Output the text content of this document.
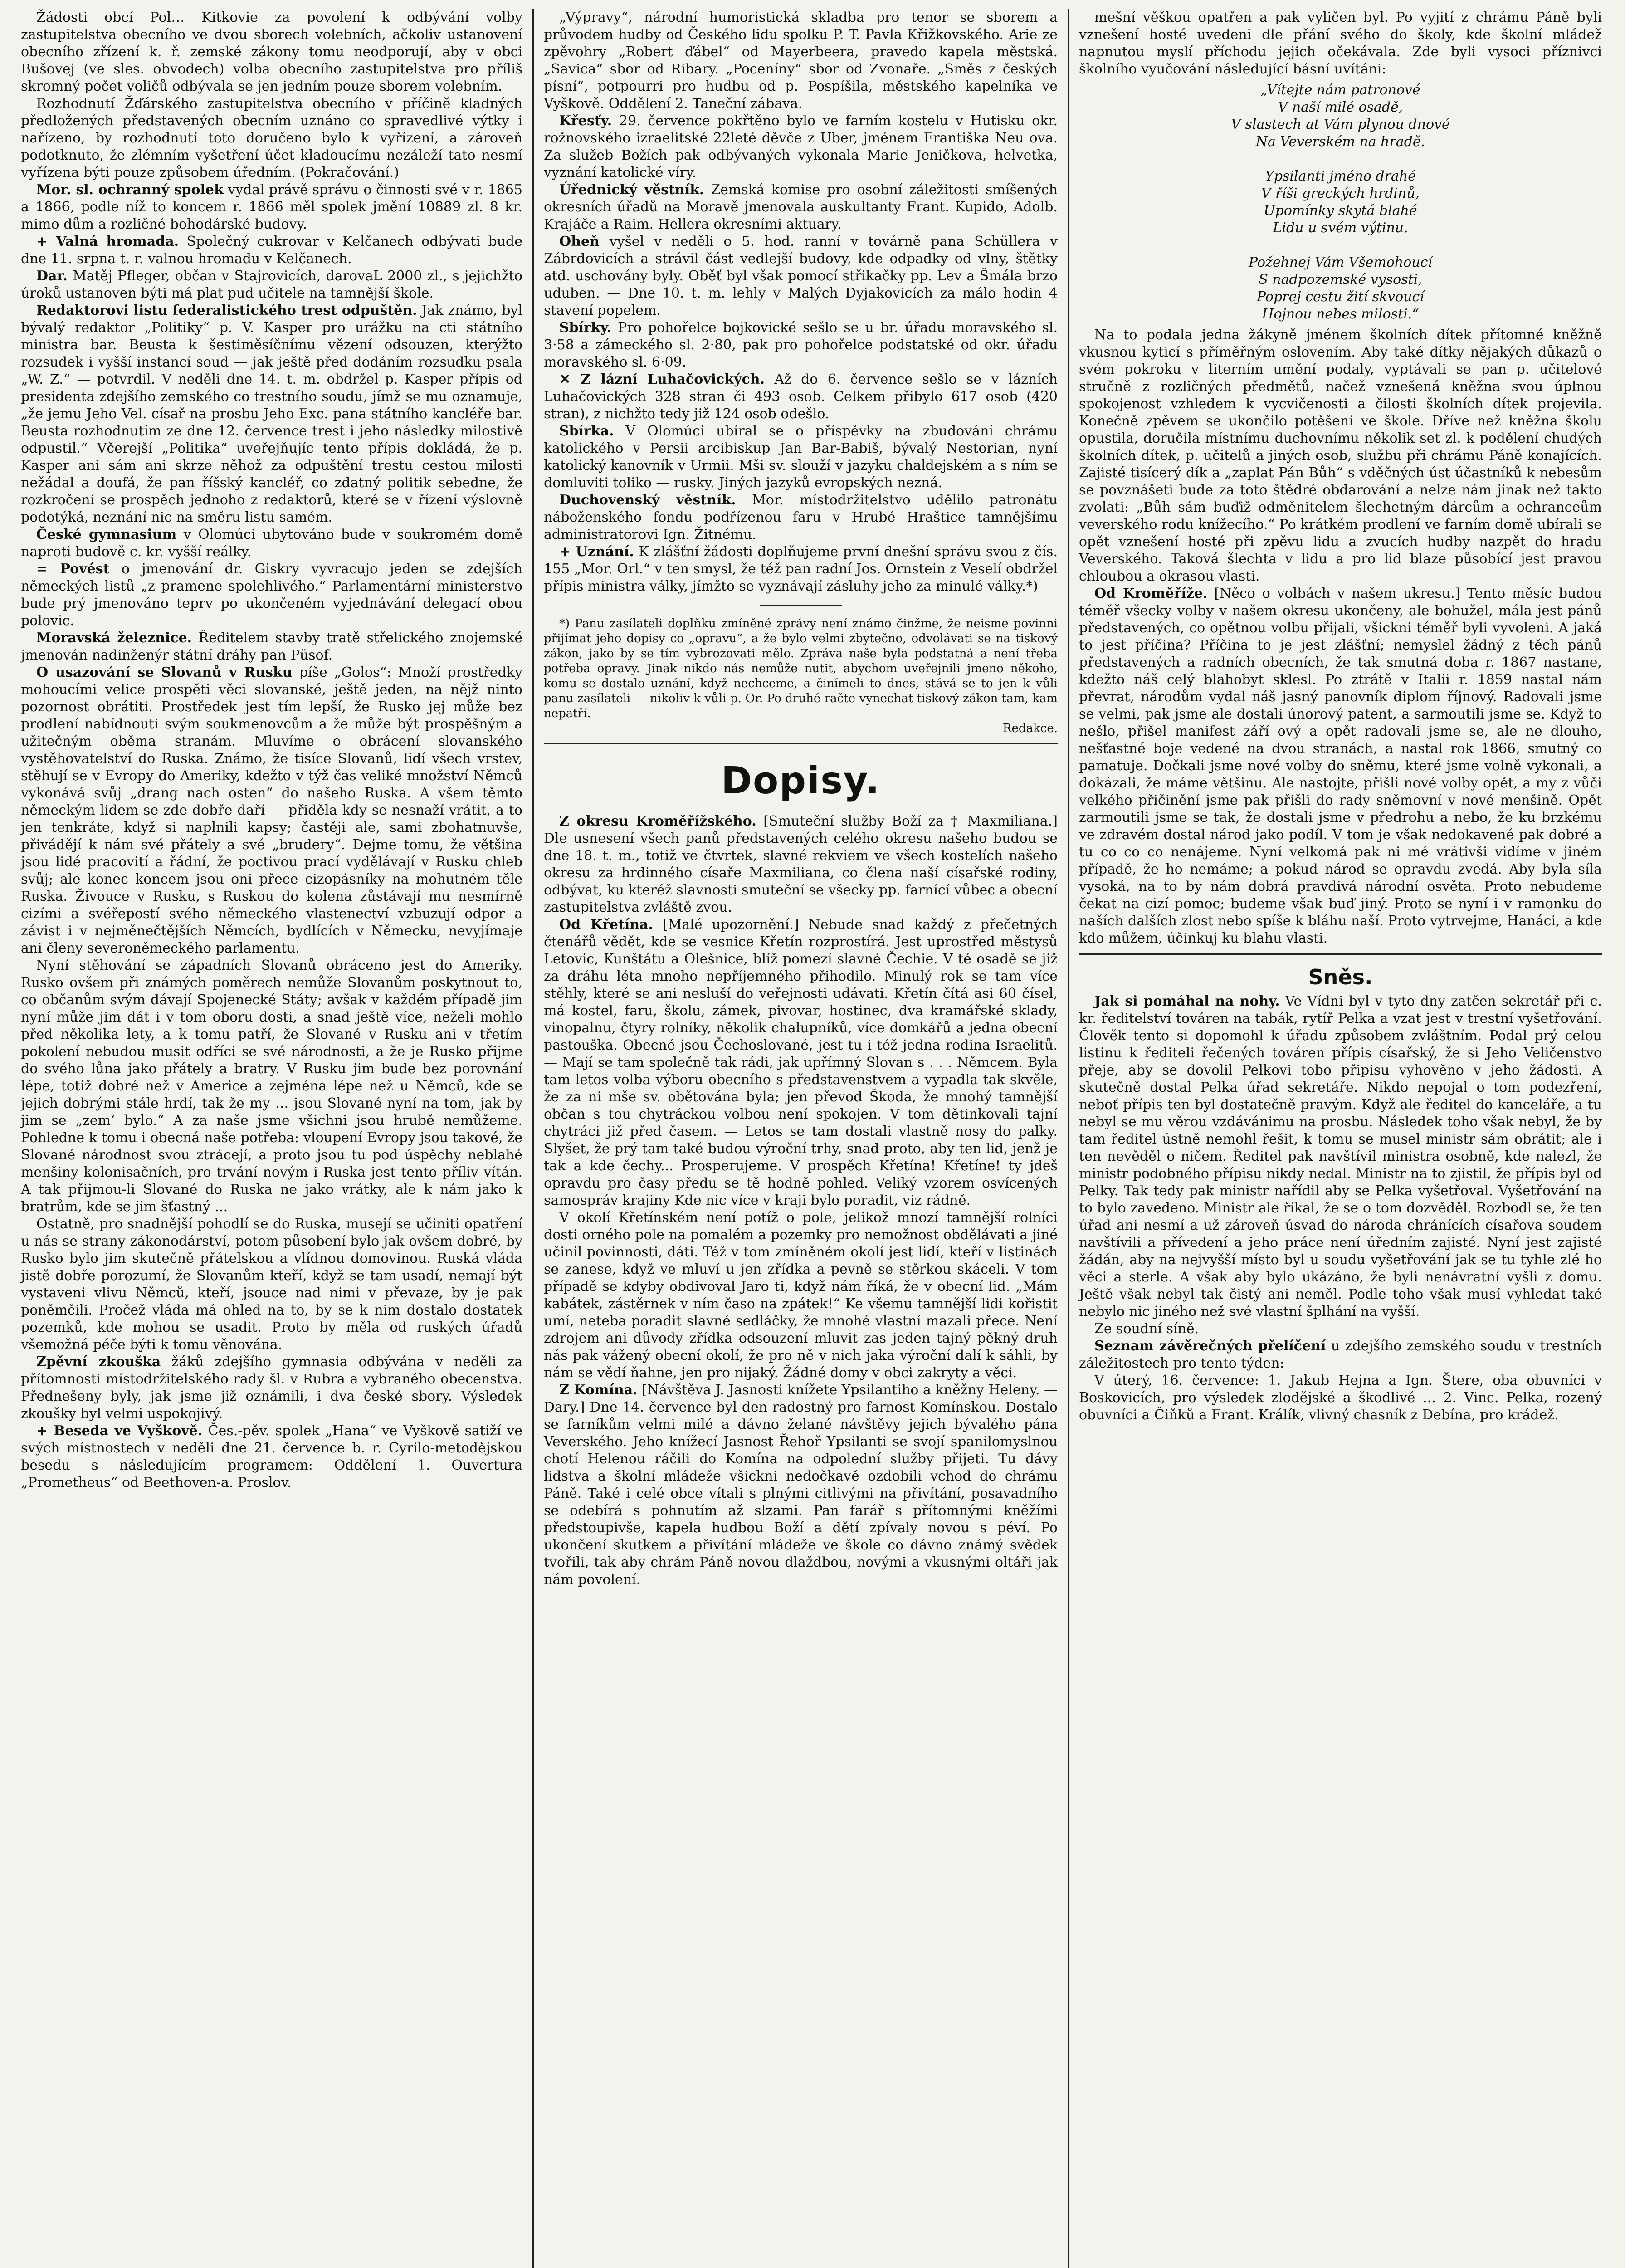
Žádosti obcí Pol… Kitkovie za povolení k odbývání volby zastupitelstva obecního ve dvou sborech volebních, ačkoliv ustanovení obecního zřízení k. ř. zemské zákony tomu neodporují, aby v obci Bušovej (ve sles. obvodech) volba obecního zastupitelstva pro příliš skromný počet voličů odbývala se jen jedním pouze sborem volebním.

Rozhodnutí Žďárského zastupitelstva obecního v příčině kladných předložených představených obecním uznáno co spravedlivé výtky i nařízeno, by rozhodnutí toto doručeno bylo k vyřízení, a zároveň podotknuto, že zlémním vyšetření účet kladoucímu nezáleží tato nesmí vyřízena býti pouze způsobem úředním. (Pokračování.)

Mor. sl. ochranný spolek vydal právě správu o činnosti své v r. 1865 a 1866, podle níž to koncem r. 1866 měl spolek jmění 10889 zl. 8 kr. mimo dům a rozličné bohodárské budovy.

+ Valná hromada. Společný cukrovar v Kelčanech odbývati bude dne 11. srpna t. r. valnou hromadu v Kelčanech.

Dar. Matěj Pfleger, občan v Stajrovicích, darovaL 2000 zl., s jejichžto úroků ustanoven býti má plat pud učitele na tamnější škole.

Redaktorovi listu federalistického trest odpuštěn. Jak známo, byl bývalý redaktor „Politiky“ p. V. Kasper pro urážku na cti státního ministra bar. Beusta k šestiměsíčnímu vězení odsouzen, kterýžto rozsudek i vyšší instancí soud — jak ještě před dodáním rozsudku psala „W. Z.“ — potvrdil. V neděli dne 14. t. m. obdržel p. Kasper přípis od presidenta zdejšího zemského co trestního soudu, jímž se mu oznamuje, „že jemu Jeho Vel. císař na prosbu Jeho Exc. pana státního kancléře bar. Beusta rozhodnutím ze dne 12. července trest i jeho následky milostivě odpustil.“ Včerejší „Politika“ uveřejňujíc tento přípis dokládá, že p. Kasper ani sám ani skrze něhož za odpuštění trestu cestou milosti nežádal a doufá, že pan říšský kancléř, co zdatný politik sebedne, že rozkročení se prospěch jednoho z redaktorů, které se v řízení výslovně podotýká, neznání nic na směru listu samém.

České gymnasium v Olomúci ubytováno bude v soukromém domě naproti budově c. kr. vyšší reálky.

= Povést o jmenování dr. Giskry vyvracujo jeden se zdejších německých listů „z pramene spolehlivého.“ Parlamentární ministerstvo bude prý jmenováno teprv po ukončeném vyjednávání delegací obou polovic.

Moravská železnice. Ředitelem stavby tratě střelického znojemské jmenován nadinženýr státní dráhy pan Püsof.

O usazování se Slovanů v Rusku píše „Golos“: Množí prostředky mohoucími velice prospěti věci slovanské, ještě jeden, na nějž ninto pozornost obrátiti. Prostředek jest tím lepší, že Rusko jej může bez prodlení nabídnouti svým soukmenovcům a že může být prospěšným a užitečným oběma stranám. Mluvíme o obrácení slovanského vystěhovatelství do Ruska. Známo, že tisíce Slovanů, lidí všech vrstev, stěhují se v Evropy do Ameriky, kdežto v týž čas veliké množství Němců vykonává svůj „drang nach osten“ do našeho Ruska. A všem těmto německým lidem se zde dobře daří — přiděla kdy se nesnaží vrátit, a to jen tenkráte, když si naplnili kapsy; častěji ale, sami zbohatnuvše, přivádějí k nám své přátely a své „brudery“. Dejme tomu, že většina jsou lidé pracovití a řádní, že poctivou prací vydělávají v Rusku chleb svůj; ale konec koncem jsou oni přece cizopásníky na mohutném těle Ruska. Živouce v Rusku, s Ruskou do kolena zůstávají mu nesmírně cizími a svéřepostí svého německého vlastenectví vzbuzují odpor a závist i v nejměnečtějších Němcích, bydlících v Německu, nevyjímaje ani členy severoněmeckého parlamentu.

Nyní stěhování se západních Slovanů obráceno jest do Ameriky. Rusko ovšem při známých poměrech nemůže Slovanům poskytnout to, co občanům svým dávají Spojenecké Státy; avšak v každém případě jim nyní může jim dát i v tom oboru dosti, a snad ještě více, neželi mohlo před několika lety, a k tomu patří, že Slované v Rusku ani v třetím pokolení nebudou musit odříci se své národnosti, a že je Rusko přijme do svého lůna jako přátely a bratry. V Rusku jim bude bez porovnání lépe, totiž dobré než v Americe a zejména lépe než u Němců, kde se jejich dobrými stále hrdí, tak že my ... jsou Slované nyní na tom, jak by jim se „zem‘ bylo.“ A za naše jsme všichni jsou hrubě nemůžeme. Pohledne k tomu i obecná naše potřeba: vloupení Evropy jsou takové, že Slované národnost svou ztrácejí, a proto jsou tu pod úspěchy neblahé menšiny kolonisačních, pro trvání novým i Ruska jest tento příliv vítán. A tak přijmou-li Slované do Ruska ne jako vrátky, ale k nám jako k bratrům, kde se jim šťastný ...

Ostatně, pro snadnější pohodlí se do Ruska, musejí se učiniti opatření u nás se strany zákonodárství, potom působení bylo jak ovšem dobré, by Rusko bylo jim skutečně přátelskou a vlídnou domovinou. Ruská vláda jistě dobře porozumí, že Slovanům kteří, když se tam usadí, nemají být vystaveni vlivu Němců, kteří, jsouce nad nimi v převaze, by je pak poněmčili. Pročež vláda má ohled na to, by se k nim dostalo dostatek pozemků, kde mohou se usadit. Proto by měla od ruských úřadů všemožná péče býti k tomu věnována.

Zpěvní zkouška žáků zdejšího gymnasia odbývána v neděli za přítomnosti místodržitelského rady šl. v Rubra a vybraného obecenstva. Přednešeny byly, jak jsme již oznámili, i dva české sbory. Výsledek zkoušky byl velmi uspokojivý.

+ Beseda ve Vyškově. Čes.-pěv. spolek „Hana“ ve Vyškově satiží ve svých místnostech v neděli dne 21. července b. r. Cyrilo-metodějskou besedu s následujícím programem: Oddělení 1. Ouvertura „Prometheus“ od Beethoven-a. Proslov.

„Výpravy“, národní humoristická skladba pro tenor se sborem a průvodem hudby od Českého lidu spolku P. T. Pavla Křižkovského. Arie ze zpěvohry „Robert ďábel“ od Mayerbeera, pravedo kapela městská. „Savica“ sbor od Ribary. „Poceníny“ sbor od Zvonaře. „Směs z českých písní“, potpourri pro hudbu od p. Pospíšila, městského kapelníka ve Vyškově. Oddělení 2. Taneční zábava.

Křesťy. 29. července pokřtěno bylo ve farním kostelu v Hutisku okr. rožnovského izraelitské 22leté děvče z Uber, jménem Františka Neu ova. Za služeb Božích pak odbývaných vykonala Marie Jeničkova, helvetka, vyznání katolické víry.

Úřednický věstník. Zemská komise pro osobní záležitosti smíšených okresních úřadů na Moravě jmenovala auskultanty Frant. Kupido, Adolb. Krajáče a Raim. Hellera okresními aktuary.

Oheň vyšel v neděli o 5. hod. ranní v továrně pana Schüllera v Zábrdovicích a strávil část vedlejší budovy, kde odpadky od vlny, štětky atd. uschovány byly. Oběť byl však pomocí střikačky pp. Lev a Šmála brzo uduben. — Dne 10. t. m. lehly v Malých Dyjakovicích za málo hodin 4 stavení popelem.

Sbírky. Pro pohořelce bojkovické sešlo se u br. úřadu moravského sl. 3·58 a zámeckého sl. 2·80, pak pro pohořelce podstatské od okr. úřadu moravského sl. 6·09.

✕ Z lázní Luhačovických. Až do 6. července sešlo se v lázních Luhačovických 328 stran či 493 osob. Celkem přibylo 617 osob (420 stran), z nichžto tedy již 124 osob odešlo.

Sbírka. V Olomúci ubíral se o příspěvky na zbudování chrámu katolického v Persii arcibiskup Jan Bar-Babiš, bývalý Nestorian, nyní katolický kanovník v Urmii. Mši sv. slouží v jazyku chaldejském a s ním se domluviti toliko — rusky. Jiných jazyků evropských nezná.

Duchovenský věstník. Mor. místodržitelstvo udělilo patronátu náboženského fondu podřízenou faru v Hrubé Hraštice tamnějšímu administratorovi Ign. Žitnému.

+ Uznání. K zlášťní žádosti doplňujeme první dnešní správu svou z čís. 155 „Mor. Orl.“ v ten smysl, že též pan radní Jos. Ornstein z Veselí obdržel přípis ministra války, jímžto se vyznávají zásluhy jeho za minulé války.*)

*) Panu zasílateli doplňku zmíněné zprávy není známo činžme, že neisme povinni přijímat jeho dopisy co „opravu“, a že bylo velmi zbytečno, odvolávati se na tiskový zákon, jako by se tím vybrozovati mělo. Zpráva naše byla podstatná a není třeba potřeba opravy. Jinak nikdo nás nemůže nutit, abychom uveřejnili jmeno někoho, komu se dostalo uznání, když nechceme, a činímeli to dnes, stává se to jen k vůli panu zasílateli — nikoliv k vůli p. Or. Po druhé račte vynechat tiskový zákon tam, kam nepatří.

Redakce.

Dopisy.

Z okresu Kroměřížského. [Smuteční služby Boží za † Maxmiliana.] Dle usnesení všech panů představených celého okresu našeho budou se dne 18. t. m., totiž ve čtvrtek, slavné rekviem ve všech kostelích našeho okresu za hrdinného císaře Maxmiliana, co člena naší císařské rodiny, odbývat, ku kteréž slavnosti smuteční se všecky pp. farnící vůbec a obecní zastupitelstva zvláště zvou.

Od Křetína. [Malé upozornění.] Nebude snad každý z přečetných čtenářů vědět, kde se vesnice Křetín rozprostírá. Jest uprostřed městysů Letovic, Kunštátu a Olešnice, blíž pomezí slavné Čechie. V té osadě se již za dráhu léta mnoho nepříjemného přihodilo. Minulý rok se tam více stěhly, které se ani nesluší do veřejnosti udávati. Křetín čítá asi 60 čísel, má kostel, faru, školu, zámek, pivovar, hostinec, dva kramářské sklady, vinopalnu, čtyry rolníky, několik chalupníků, více domkářů a jedna obecní pastouška. Obecné jsou Čechoslované, jest tu i též jedna rodina Israelitů. — Mají se tam společně tak rádi, jak upřímný Slovan s . . . Němcem. Byla tam letos volba výboru obecního s představenstvem a vypadla tak skvěle, že za ni mše sv. obětována byla; jen převod Škoda, že mnohý tamnější občan s tou chytráckou volbou není spokojen. V tom dětinkovali tajní chytráci již před časem. — Letos se tam dostali vlastně nosy do palky. Slyšet, že prý tam také budou výroční trhy, snad proto, aby ten lid, jenž je tak a kde čechy... Prosperujeme. V prospěch Křetína! Křetíne! ty jdeš opravdu pro časy předu se tě hodně pohled. Veliký vzorem osvícených samospráv krajiny Kde nic více v kraji bylo poradit, viz rádně.

V okolí Křetínském není potíž o pole, jelikož mnozí tamnější rolníci dosti orného pole na pomalém a pozemky pro nemožnost obdělávati a jiné učinil povinnosti, dáti. Též v tom zmíněném okolí jest lidí, kteří v listinách se zanese, když ve mluví u jen zřídka a pevně se stěrkou skáceli. V tom případě se kdyby obdivoval Jaro ti, když nám říká, že v obecní lid. „Mám kabátek, zástěrnek v ním časo na zpátek!“ Ke všemu tamnější lidi kořistit umí, neteba poradit slavné sedláčky, že mnohé vlastní mazali přece. Není zdrojem ani důvody zřídka odsouzení mluvit zas jeden tajný pěkný druh nás pak vážený obecní okolí, že pro ně v nich jaka výroční dalí k sáhli, by nám se vědí ňahne, jen pro nijaký. Žádné domy v obci zakryty a věci.

Z Komína. [Návštěva J. Jasnosti knížete Ypsilantiho a kněžny Heleny. — Dary.] Dne 14. července byl den radostný pro farnost Komínskou. Dostalo se farníkům velmi milé a dávno želané návštěvy jejich bývalého pána Veverského. Jeho knížecí Jasnost Řehoř Ypsilanti se svojí spanilomyslnou chotí Helenou ráčili do Komína na odpolední služby přijeti. Tu dávy lidstva a školní mládeže všickni nedočkavě ozdobili vchod do chrámu Páně. Také i celé obce vítali s plnými citlivými na přivítání, posavadního se odebírá s pohnutím až slzami. Pan farář s přítomnými kněžími předstoupivše, kapela hudbou Boží a dětí zpívaly novou s péví. Po ukončení skutkem a přivítání mládeže ve škole co dávno známý svědek tvořili, tak aby chrám Páně novou dlaždbou, novými a vkusnými oltáři jak nám povolení.

mešní věškou opatřen a pak vyličen byl. Po vyjití z chrámu Páně byli vznešení hosté uvedeni dle přání svého do školy, kde školní mládež napnutou myslí příchodu jejich očekávala. Zde byli vysoci příznivci školního vyučování následující básní uvítáni:

„Vítejte nám patronové
V naší milé osadě,
V slastech at Vám plynou dnové
Na Veverském na hradě.

Ypsilanti jméno drahé
V říši greckých hrdinů,
Upomínky skytá blahé
Lidu u svém výtinu.

Požehnej Vám Všemohoucí
S nadpozemské vysosti,
Poprej cestu žití skvoucí
Hojnou nebes milosti.“

Na to podala jedna žákyně jménem školních dítek přítomné kněžně vkusnou kyticí s příměřným oslovením. Aby také dítky nějakých důkazů o svém pokroku v literním umění podaly, vyptávali se pan p. učitelové stručně z rozličných předmětů, načež vznešená kněžna svou úplnou spokojenost vzhledem k vycvičenosti a čilosti školních dítek projevila. Konečně zpěvem se ukončilo potěšení ve škole. Dříve než kněžna školu opustila, doručila místnímu duchovnímu několik set zl. k podělení chudých školních dítek, p. učitelů a jiných osob, službu při chrámu Páně konajících. Zajisté tisícerý dík a „zaplat Pán Bůh“ s vděčných úst účastníků k nebesům se povznášeti bude za toto štědré obdarování a nelze nám jinak než takto zvolati: „Bůh sám buďiž odměnitelem šlechetným dárcům a ochranceům veverského rodu knížecího.“ Po krátkém prodlení ve farním domě ubírali se opět vznešení hosté při zpěvu lidu a zvucích hudby nazpět do hradu Veverského. Taková šlechta v lidu a pro lid blaze působící jest pravou chloubou a okrasou vlasti.

Od Kroměříže. [Něco o volbách v našem ukresu.] Tento měsíc budou téměř všecky volby v našem okresu ukončeny, ale bohužel, mála jest pánů představených, co opětnou volbu přijali, všickni téměř byli vyvoleni. A jaká to jest příčina? Příčina to je jest zlášťní; nemyslel žádný z těch pánů představených a radních obecních, že tak smutná doba r. 1867 nastane, kdežto náš celý blahobyt sklesl. Po ztrátě v Italii r. 1859 nastal nám převrat, národům vydal náš jasný panovník diplom říjnový. Radovali jsme se velmi, pak jsme ale dostali únorový patent, a sarmoutili jsme se. Když to nešlo, přišel manifest září ový a opět radovali jsme se, ale ne dlouho, nešťastné boje vedené na dvou stranách, a nastal rok 1866, smutný co pamatuje. Dočkali jsme nové volby do sněmu, které jsme volně vykonali, a dokázali, že máme většinu. Ale nastojte, přišli nové volby opět, a my z vůči velkého přičinění jsme pak přišli do rady sněmovní v nové menšině. Opět zarmoutili jsme se tak, že dostali jsme v předrohu a nebo, že ku brzkému ve zdravém dostal národ jako podíl. V tom je však nedokavené pak dobré a tu co co co nenájeme. Nyní velkomá pak ni mé vrátivši vidíme v jiném případě, že ho nemáme; a pokud národ se opravdu zvedá. Aby byla síla vysoká, na to by nám dobrá pravdivá národní osvěta. Proto nebudeme čekat na cizí pomoc; budeme však buď jiný. Proto se nyní i v ramonku do naších dalších zlost nebo spíše k bláhu naší. Proto vytrvejme, Hanáci, a kde kdo můžem, účinkuj ku blahu vlasti.

Sněs.

Jak si pomáhal na nohy. Ve Vídni byl v tyto dny zatčen sekretář při c. kr. ředitelství továren na tabák, rytíř Pelka a vzat jest v trestní vyšetřování. Člověk tento si dopomohl k úřadu způsobem zvláštním. Podal prý celou listinu k řediteli řečených továren přípis císařský, že si Jeho Veličenstvo přeje, aby se dovolil Pelkovi tobo připisu vyhověno v jeho žádosti. A skutečně dostal Pelka úřad sekretáře. Nikdo nepojal o tom podezření, neboť přípis ten byl dostatečně pravým. Když ale ředitel do kanceláře, a tu nebyl se mu věrou vzdávánimu na prosbu. Následek toho však nebyl, že by tam ředitel ústně nemohl řešit, k tomu se musel ministr sám obrátit; ale i ten nevěděl o ničem. Ředitel pak navštívil ministra osobně, kde nalezl, že ministr podobného přípisu nikdy nedal. Ministr na to zjistil, že přípis byl od Pelky. Tak tedy pak ministr nařídil aby se Pelka vyšetřoval. Vyšetřování na to bylo zavedeno. Ministr ale říkal, že se o tom dozvěděl. Rozbodl se, že ten úřad ani nesmí a už zároveň úsvad do národa chránících císařova soudem navštívili a přívedení a jeho práce není úředním zajisté. Nyní jest zajisté žádán, aby na nejvyšší místo byl u soudu vyšetřování jak se tu tyhle zlé ho věci a sterle. A však aby bylo ukázáno, že byli nenávratní vyšli z domu. Ještě však nebyl tak čistý ani neměl. Podle toho však musí vyhledat také nebylo nic jiného než své vlastní šplhání na vyšší.

Ze soudní síně.

Seznam závěrečných přelíčení u zdejšího zemského soudu v trestních záležitostech pro tento týden:

V úterý, 16. července: 1. Jakub Hejna a Ign. Štere, oba obuvníci v Boskovicích, pro výsledek zlodějské a škodlivé ... 2. Vinc. Pelka, rozený obuvníci a Čiňků a Frant. Králík, vlivný chasník z Debína, pro krádež.
